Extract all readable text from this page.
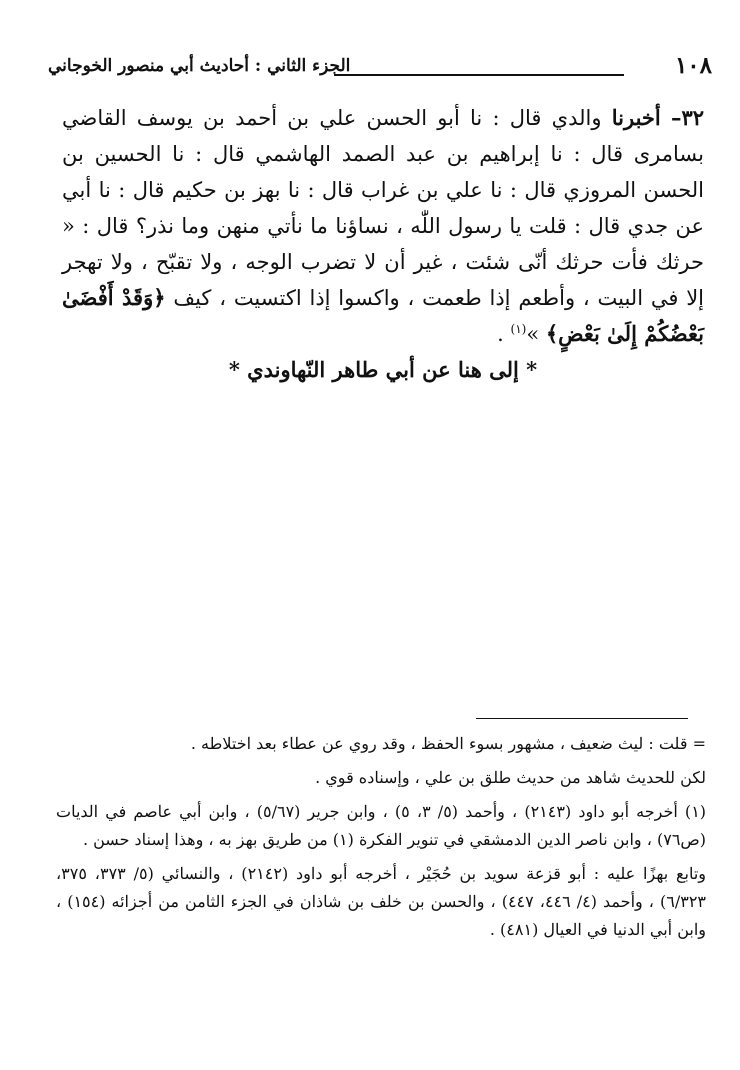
١٠٨
الجزء الثاني : أحاديث أبي منصور الخوجاني

٣٢– أخبرنا والدي قال : نا أبو الحسن علي بن أحمد بن يوسف القاضي بسامرى قال : نا إبراهيم بن عبد الصمد الهاشمي قال : نا الحسين بن الحسن المروزي قال : نا علي بن غراب قال : نا بهز بن حكيم قال : نا أبي عن جدي قال : قلت يا رسول اللّٰه ، نساؤنا ما نأتي منهن وما نذر؟ قال : « حرثك فأت حرثك أنّى شئت ، غير أن لا تضرب الوجه ، ولا تقبّح ، ولا تهجر إلا في البيت ، وأطعم إذا طعمت ، واكسوا إذا اكتسيت ، كيف ﴿وَقَدْ أَفْضَىٰ بَعْضُكُمْ إِلَىٰ بَعْضٍ﴾ »$^{(١)}$ .

* إلى هنا عن أبي طاهر النّهاوندي *

= قلت : ليث ضعيف ، مشهور بسوء الحفظ ، وقد روي عن عطاء بعد اختلاطه .

لكن للحديث شاهد من حديث طلق بن علي ، وإسناده قوي .

(١) أخرجه أبو داود (٢١٤٣) ، وأحمد (٥/ ٣، ٥) ، وابن جرير (٥/٦٧) ، وابن أبي عاصم في الديات (ص٧٦) ، وابن ناصر الدين الدمشقي في تنوير الفكرة (١) من طريق بهز به ، وهذا إسناد حسن .

وتابع بهزًا عليه : أبو قزعة سويد بن حُجَيْر ، أخرجه أبو داود (٢١٤٢) ، والنسائي (٥/ ٣٧٣، ٣٧٥، ٦/٣٢٣) ، وأحمد (٤/ ٤٤٦، ٤٤٧) ، والحسن بن خلف بن شاذان في الجزء الثامن من أجزائه (١٥٤) ، وابن أبي الدنيا في العيال (٤٨١) .
